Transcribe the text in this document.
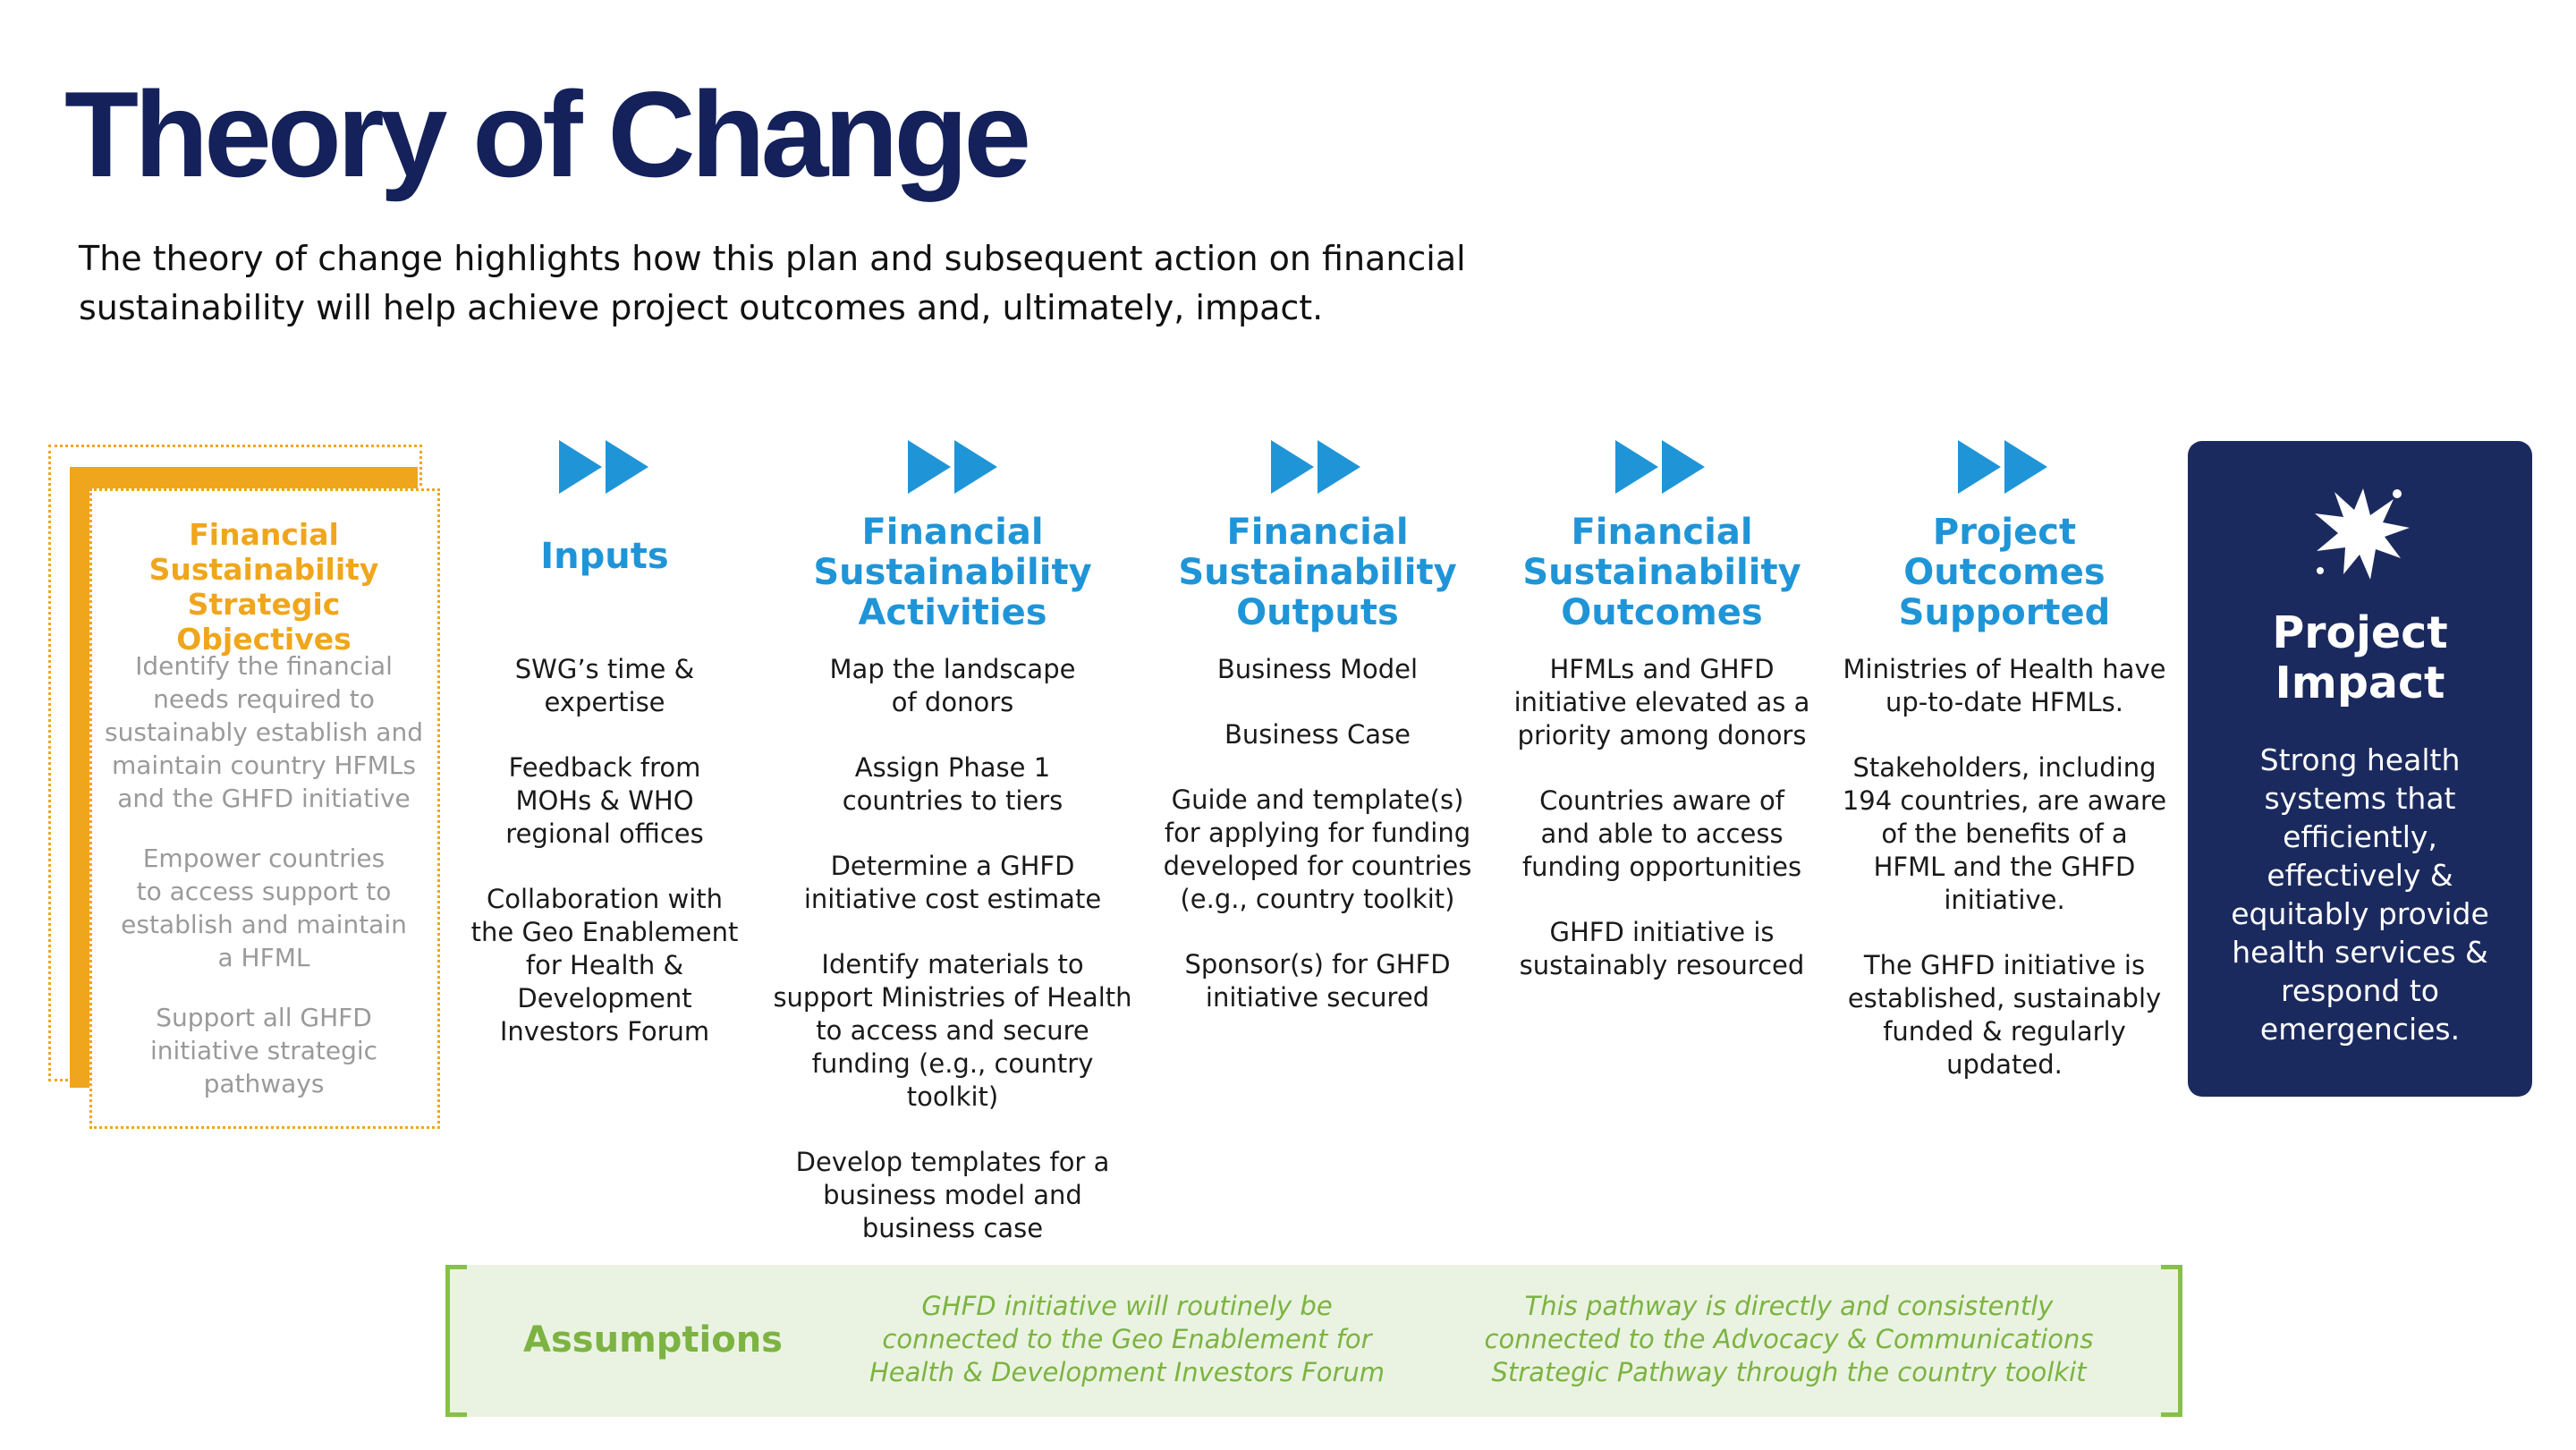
Theory of Change

The theory of change highlights how this plan and subsequent action on financial sustainability will help achieve project outcomes and, ultimately, impact.

Financial
Sustainability
Strategic Objectives

Identify the financial
needs required to
sustainably establish and
maintain country HFMLs
and the GHFD initiative

Empower countries
to access support to
establish and maintain
a HFML

Support all GHFD
initiative strategic
pathways

Inputs

SWG’s time &
expertise

Feedback from
MOHs & WHO
regional offices

Collaboration with
the Geo Enablement
for Health &
Development
Investors Forum

Financial
Sustainability
Activities

Map the landscape
of donors

Assign Phase 1
countries to tiers

Determine a GHFD
initiative cost estimate

Identify materials to
support Ministries of Health
to access and secure
funding (e.g., country
toolkit)

Develop templates for a
business model and
business case

Financial
Sustainability
Outputs

Business Model

Business Case

Guide and template(s)
for applying for funding
developed for countries
(e.g., country toolkit)

Sponsor(s) for GHFD
initiative secured

Financial
Sustainability
Outcomes

HFMLs and GHFD
initiative elevated as a
priority among donors

Countries aware of
and able to access
funding opportunities

GHFD initiative is
sustainably resourced

Project
Outcomes
Supported

Ministries of Health have
up-to-date HFMLs.

Stakeholders, including
194 countries, are aware
of the benefits of a
HFML and the GHFD
initiative.

The GHFD initiative is
established, sustainably
funded & regularly
updated.

Project
Impact
Strong health systems that efficiently, effectively & equitably provide health services & respond to emergencies.
Assumptions
GHFD initiative will routinely be
connected to the Geo Enablement for
Health & Development Investors Forum
This pathway is directly and consistently
connected to the Advocacy & Communications
Strategic Pathway through the country toolkit
